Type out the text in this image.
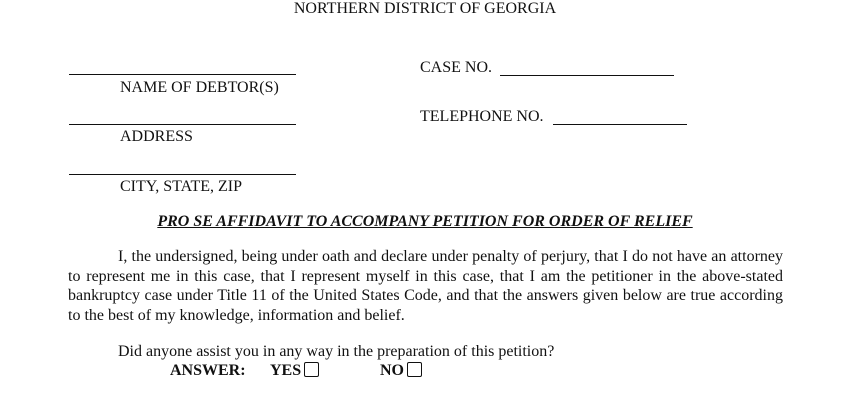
NORTHERN DISTRICT OF GEORGIA
NAME OF DEBTOR(S)
CASE NO.
ADDRESS
TELEPHONE NO.
CITY, STATE, ZIP
PRO SE AFFIDAVIT TO ACCOMPANY PETITION FOR ORDER OF RELIEF
I, the undersigned, being under oath and declare under penalty of perjury, that I do not have an attorney to represent me in this case, that I represent myself in this case, that I am the petitioner in the above-stated bankruptcy case under Title 11 of the United States Code, and that the answers given below are true according to the best of my knowledge, information and belief.
Did anyone assist you in any way in the preparation of this petition?
ANSWER: YES	NO
